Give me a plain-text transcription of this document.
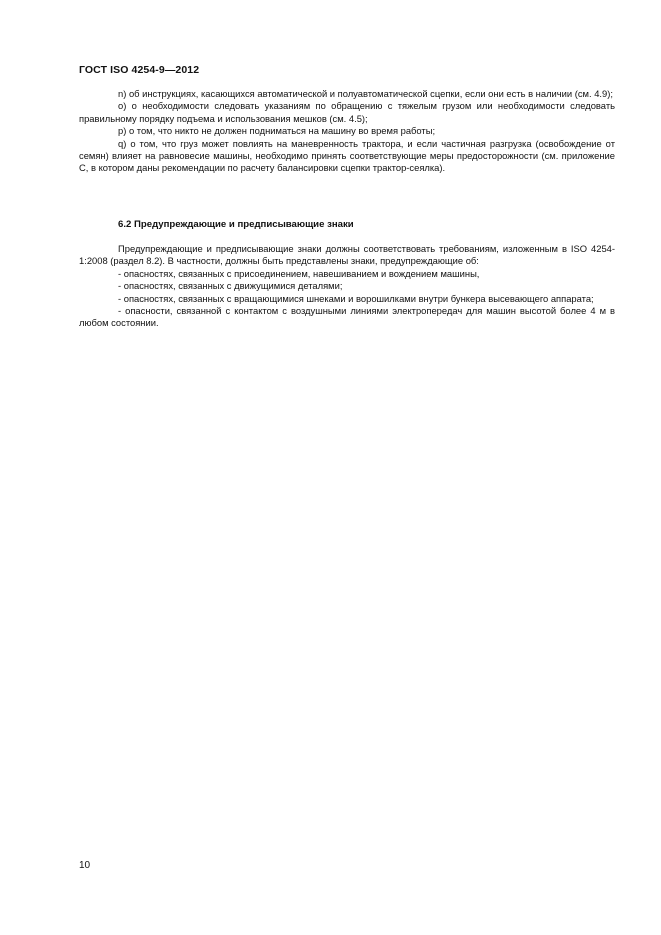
ГОСТ ISO 4254-9—2012

n) об инструкциях, касающихся автоматической и полуавтоматической сцепки, если они есть в наличии (см. 4.9);

o) о необходимости следовать указаниям по обращению с тяжелым грузом или необходимости следовать правильному порядку подъема и использования мешков (см. 4.5);

p) о том, что никто не должен подниматься на машину во время работы;

q) о том, что груз может повлиять на маневренность трактора, и если частичная разгрузка (освобождение от семян) влияет на равновесие машины, необходимо принять соответствующие меры предосторожности (см. приложение С, в котором даны рекомендации по расчету балансировки сцепки трактор-сеялка).

6.2 Предупреждающие и предписывающие знаки

Предупреждающие и предписывающие знаки должны соответствовать требованиям, изложенным в ISO 4254-1:2008 (раздел 8.2). В частности, должны быть представлены знаки, предупреждающие об:

- опасностях, связанных с присоединением, навешиванием и вождением машины,

- опасностях, связанных с движущимися деталями;

- опасностях, связанных с вращающимися шнеками и ворошилками внутри бункера высевающего аппарата;

- опасности, связанной с контактом с воздушными линиями электропередач для машин высотой более 4 м в любом состоянии.

10
